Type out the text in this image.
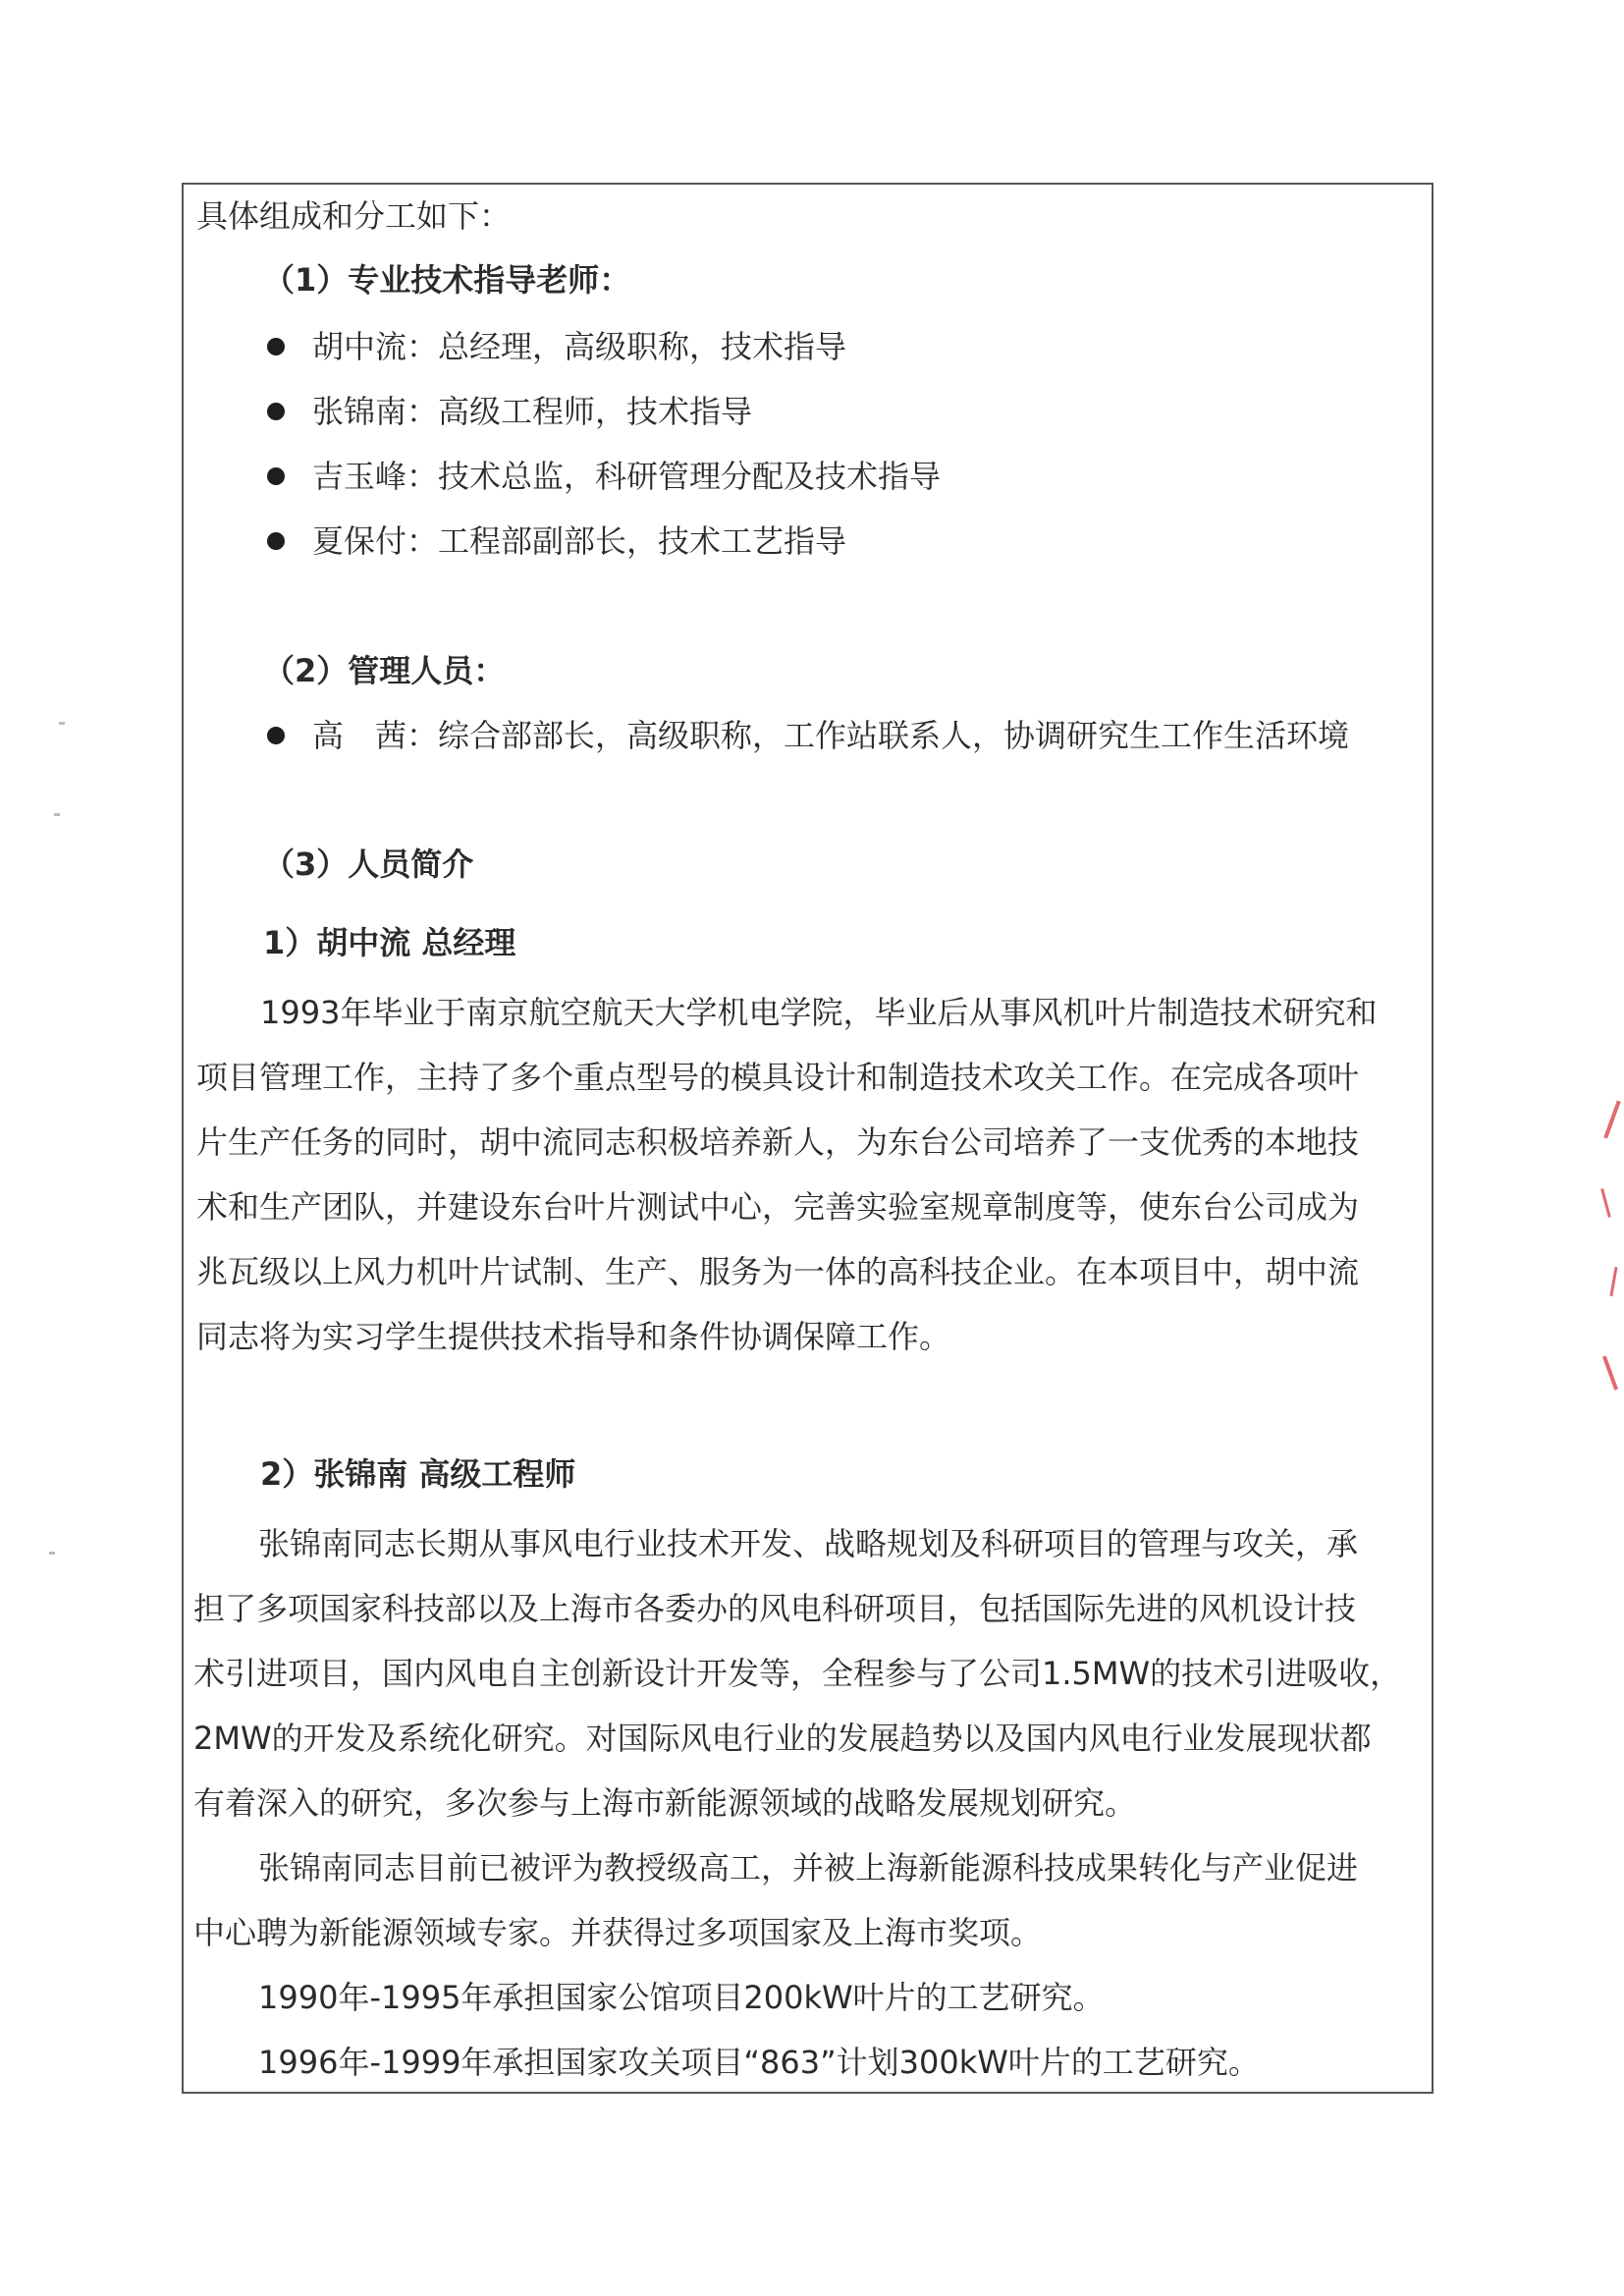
具体组成和分工如下：
（1）专业技术指导老师：
胡中流：总经理，高级职称，技术指导
张锦南：高级工程师，技术指导
吉玉峰：技术总监，科研管理分配及技术指导
夏保付：工程部副部长，技术工艺指导
（2）管理人员：
高　茜：综合部部长，高级职称，工作站联系人，协调研究生工作生活环境
（3）人员简介
1）胡中流 总经理
1993年毕业于南京航空航天大学机电学院，毕业后从事风机叶片制造技术研究和
项目管理工作，主持了多个重点型号的模具设计和制造技术攻关工作。在完成各项叶
片生产任务的同时，胡中流同志积极培养新人，为东台公司培养了一支优秀的本地技
术和生产团队，并建设东台叶片测试中心，完善实验室规章制度等，使东台公司成为
兆瓦级以上风力机叶片试制、生产、服务为一体的高科技企业。在本项目中，胡中流
同志将为实习学生提供技术指导和条件协调保障工作。
2）张锦南 高级工程师
张锦南同志长期从事风电行业技术开发、战略规划及科研项目的管理与攻关，承
担了多项国家科技部以及上海市各委办的风电科研项目，包括国际先进的风机设计技
术引进项目，国内风电自主创新设计开发等，全程参与了公司1.5MW的技术引进吸收，
2MW的开发及系统化研究。对国际风电行业的发展趋势以及国内风电行业发展现状都
有着深入的研究，多次参与上海市新能源领域的战略发展规划研究。
张锦南同志目前已被评为教授级高工，并被上海新能源科技成果转化与产业促进
中心聘为新能源领域专家。并获得过多项国家及上海市奖项。
1990年-1995年承担国家公馆项目200kW叶片的工艺研究。
1996年-1999年承担国家攻关项目“863”计划300kW叶片的工艺研究。
